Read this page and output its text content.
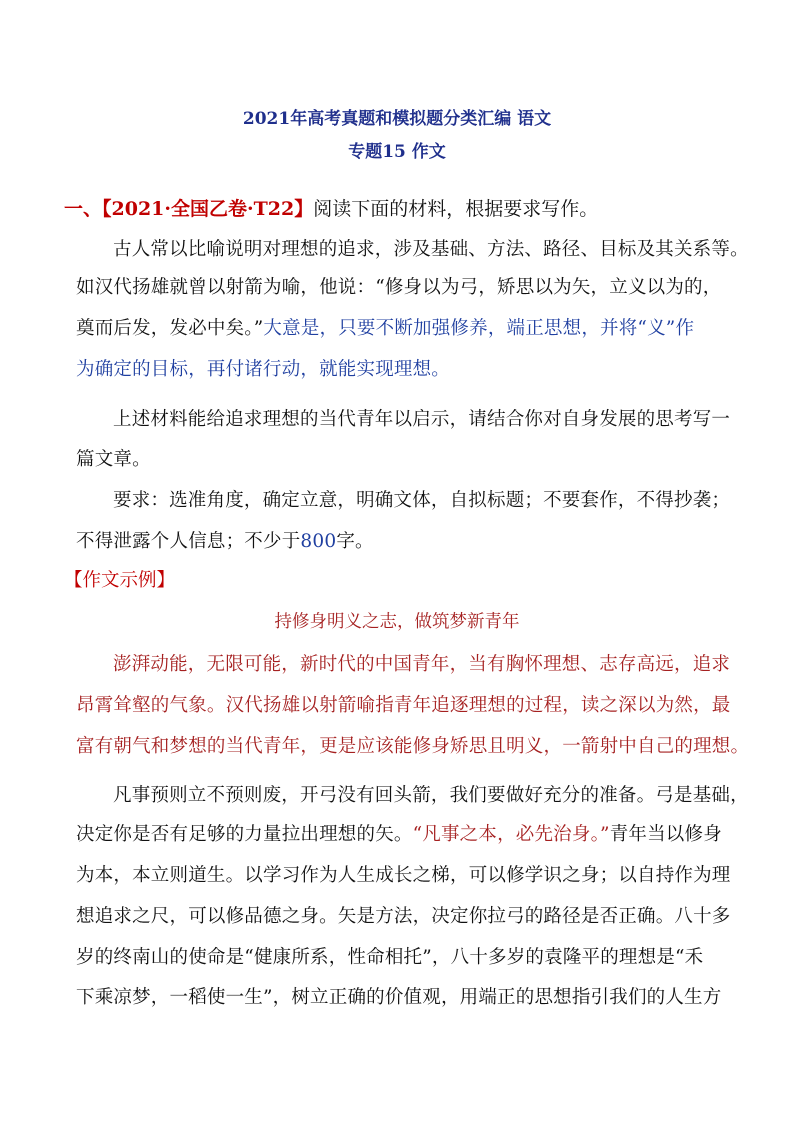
2021年高考真题和模拟题分类汇编 语文
专题15 作文
一、【2021·全国乙卷·T22】阅读下面的材料，根据要求写作。
古人常以比喻说明对理想的追求，涉及基础、方法、路径、目标及其关系等。
如汉代扬雄就曾以射箭为喻，他说：“修身以为弓，矫思以为矢，立义以为的，
奠而后发，发必中矣。”大意是，只要不断加强修养，端正思想，并将“义”作
为确定的目标，再付诸行动，就能实现理想。
上述材料能给追求理想的当代青年以启示，请结合你对自身发展的思考写一
篇文章。
要求：选准角度，确定立意，明确文体，自拟标题；不要套作，不得抄袭；
不得泄露个人信息；不少于800字。
【作文示例】
持修身明义之志，做筑梦新青年
澎湃动能，无限可能，新时代的中国青年，当有胸怀理想、志存高远，追求
昂霄耸壑的气象。汉代扬雄以射箭喻指青年追逐理想的过程，读之深以为然，最
富有朝气和梦想的当代青年，更是应该能修身矫思且明义，一箭射中自己的理想。
凡事预则立不预则废，开弓没有回头箭，我们要做好充分的准备。弓是基础，
决定你是否有足够的力量拉出理想的矢。“凡事之本，必先治身。”青年当以修身
为本，本立则道生。以学习作为人生成长之梯，可以修学识之身；以自持作为理
想追求之尺，可以修品德之身。矢是方法，决定你拉弓的路径是否正确。八十多
岁的终南山的使命是“健康所系，性命相托”，八十多岁的袁隆平的理想是“禾
下乘凉梦，一稻使一生”，树立正确的价值观，用端正的思想指引我们的人生方
